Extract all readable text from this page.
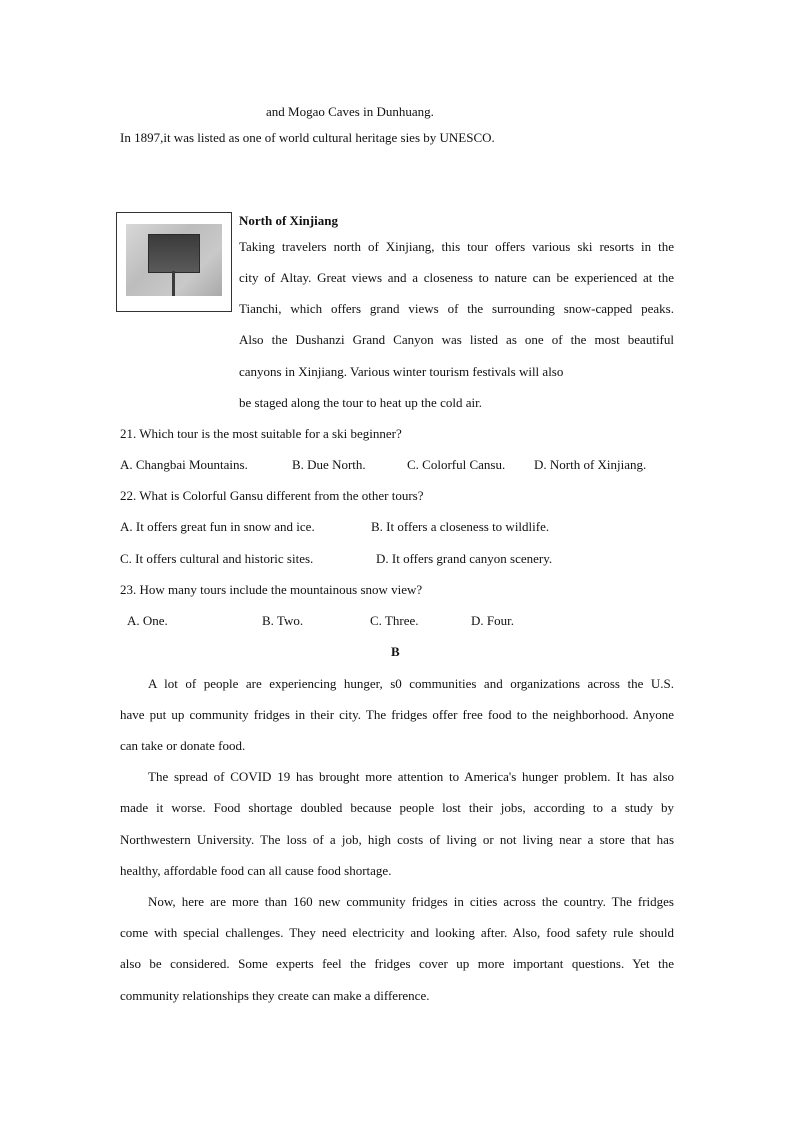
and Mogao Caves in Dunhuang.
In 1897,it was listed as one of world cultural heritage sies by UNESCO.
North of Xinjiang
Taking travelers north of Xinjiang, this tour offers various ski resorts in the
city of Altay. Great views and a closeness to nature can be experienced at the
Tianchi, which offers grand views of the surrounding snow-capped peaks.
Also the Dushanzi Grand Canyon was listed as one of the most beautiful
canyons in Xinjiang. Various winter tourism festivals will also
be staged along the tour to heat up the cold air.
21. Which tour is the most suitable for a ski beginner?
A. Changbai Mountains.	B. Due North.	C. Colorful Cansu. D. North of Xinjiang.
22. What is Colorful Gansu different from the other tours?
A. It offers great fun in snow and ice.	B. It offers a closeness to wildlife.
C. It offers cultural and historic sites.	D. It offers grand canyon scenery.
23. How many tours include the mountainous snow view?
A. One.	B. Two.	C. Three.	D. Four.
B
A lot of people are experiencing hunger, s0 communities and organizations across the U.S.
have put up community fridges in their city. The fridges offer free food to the neighborhood. Anyone
can take or donate food.
The spread of COVID 19 has brought more attention to America's hunger problem. It has also
made it worse. Food shortage doubled because people lost their jobs, according to a study by
Northwestern University. The loss of a job, high costs of living or not living near a store that has
healthy, affordable food can all cause food shortage.
Now, here are more than 160 new community fridges in cities across the country. The fridges
come with special challenges. They need electricity and looking after. Also, food safety rule should
also be considered. Some experts feel the fridges cover up more important questions. Yet the
community relationships they create can make a difference.
